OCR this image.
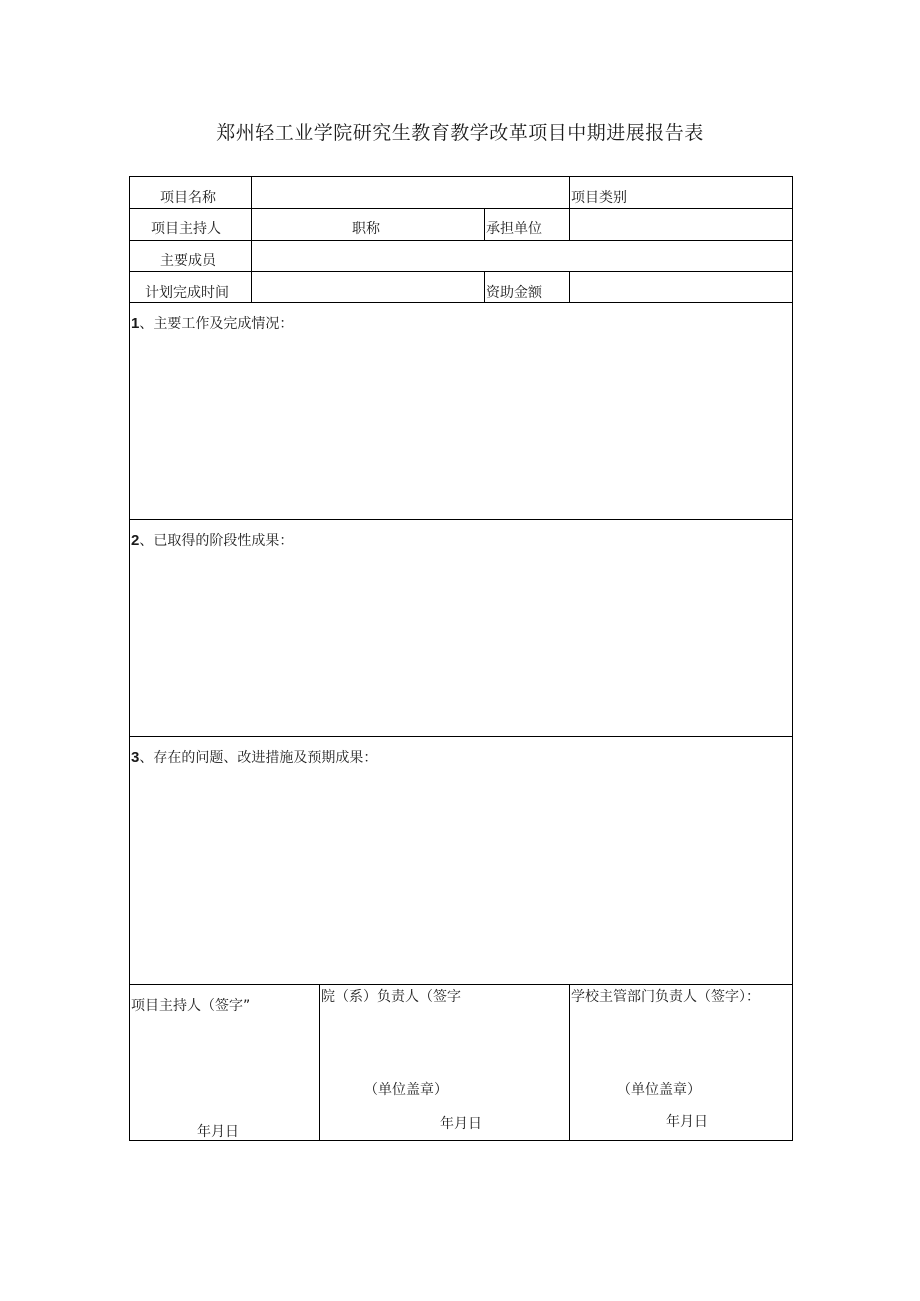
郑州轻工业学院研究生教育教学改革项目中期进展报告表
项目名称	项目类别
项目主持人	职称	承担单位
主要成员
计划完成时间	资助金额
1、主要工作及完成情况：
2、已取得的阶段性成果：
3、存在的问题、改进措施及预期成果：
项目主持人（签字”
年月日
院（系）负责人（签字
（单位盖章）
年月日
学校主管部门负责人（签字）：
（单位盖章）
年月日
